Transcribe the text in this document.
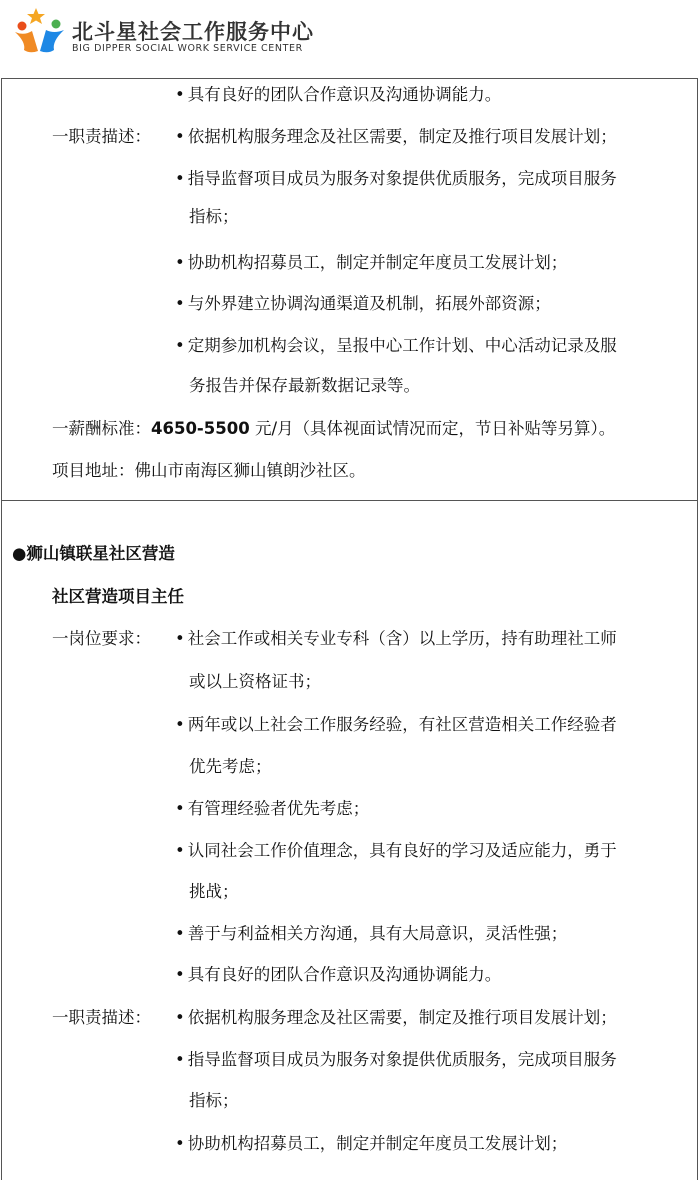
北斗星社会工作服务中心
BIG DIPPER SOCIAL WORK SERVICE CENTER
• 具有良好的团队合作意识及沟通协调能力。
一职责描述：	• 依据机构服务理念及社区需要，制定及推行项目发展计划；
• 指导监督项目成员为服务对象提供优质服务，完成项目服务
指标；
• 协助机构招募员工，制定并制定年度员工发展计划；
• 与外界建立协调沟通渠道及机制，拓展外部资源；
• 定期参加机构会议，呈报中心工作计划、中心活动记录及服
务报告并保存最新数据记录等。
一薪酬标准：4650-5500 元/月（具体视面试情况而定，节日补贴等另算）。
项目地址：佛山市南海区狮山镇朗沙社区。
●狮山镇联星社区营造
社区营造项目主任
一岗位要求：	• 社会工作或相关专业专科（含）以上学历，持有助理社工师
或以上资格证书；
• 两年或以上社会工作服务经验，有社区营造相关工作经验者
优先考虑；
• 有管理经验者优先考虑；
• 认同社会工作价值理念，具有良好的学习及适应能力，勇于
挑战；
• 善于与利益相关方沟通，具有大局意识，灵活性强；
• 具有良好的团队合作意识及沟通协调能力。
一职责描述：	• 依据机构服务理念及社区需要，制定及推行项目发展计划；
• 指导监督项目成员为服务对象提供优质服务，完成项目服务
指标；
• 协助机构招募员工，制定并制定年度员工发展计划；
